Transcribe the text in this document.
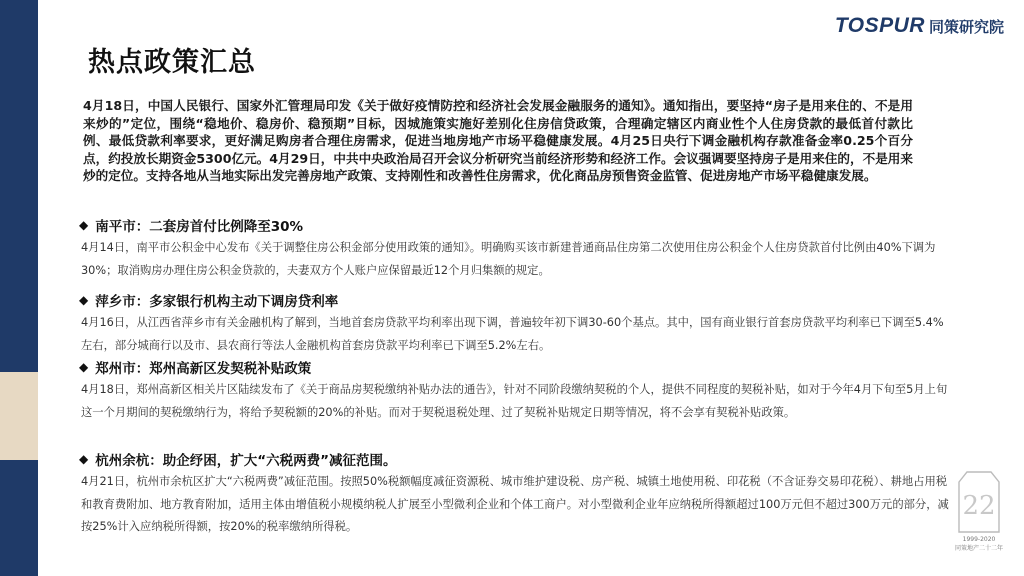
热点政策汇总
TOSPUR 同策研究院
4月18日，中国人民银行、国家外汇管理局印发《关于做好疫情防控和经济社会发展金融服务的通知》。通知指出，要坚持“房子是用来住的、不是用来炒的”定位，围绕“稳地价、稳房价、稳预期”目标，因城施策实施好差别化住房信贷政策，合理确定辖区内商业性个人住房贷款的最低首付款比例、最低贷款利率要求，更好满足购房者合理住房需求，促进当地房地产市场平稳健康发展。4月25日央行下调金融机构存款准备金率0.25个百分点，约投放长期资金5300亿元。4月29日，中共中央政治局召开会议分析研究当前经济形势和经济工作。会议强调要坚持房子是用来住的，不是用来炒的定位。支持各地从当地实际出发完善房地产政策、支持刚性和改善性住房需求，优化商品房预售资金监管、促进房地产市场平稳健康发展。
◆ 南平市：二套房首付比例降至30%
4月14日，南平市公积金中心发布《关于调整住房公积金部分使用政策的通知》。明确购买该市新建普通商品住房第二次使用住房公积金个人住房贷款首付比例由40%下调为30%；取消购房办理住房公积金贷款的，夫妻双方个人账户应保留最近12个月归集额的规定。
◆ 萍乡市：多家银行机构主动下调房贷利率
4月16日，从江西省萍乡市有关金融机构了解到，当地首套房贷款平均利率出现下调，普遍较年初下调30-60个基点。其中，国有商业银行首套房贷款平均利率已下调至5.4%左右，部分城商行以及市、县农商行等法人金融机构首套房贷款平均利率已下调至5.2%左右。
◆ 郑州市：郑州高新区发契税补贴政策
4月18日，郑州高新区相关片区陆续发布了《关于商品房契税缴纳补贴办法的通告》，针对不同阶段缴纳契税的个人，提供不同程度的契税补贴，如对于今年4月下旬至5月上旬这一个月期间的契税缴纳行为，将给予契税额的20%的补贴。而对于契税退税处理、过了契税补贴规定日期等情况，将不会享有契税补贴政策。
◆ 杭州余杭：助企纾困，扩大“六税两费”减征范围。
4月21日，杭州市余杭区扩大“六税两费”减征范围。按照50%税额幅度减征资源税、城市维护建设税、房产税、城镇土地使用税、印花税（不含证券交易印花税）、耕地占用税和教育费附加、地方教育附加，适用主体由增值税小规模纳税人扩展至小型微利企业和个体工商户。对小型微利企业年应纳税所得额超过100万元但不超过300万元的部分，减按25%计入应纳税所得额，按20%的税率缴纳所得税。
22
1999-2020
同策地产二十二年
